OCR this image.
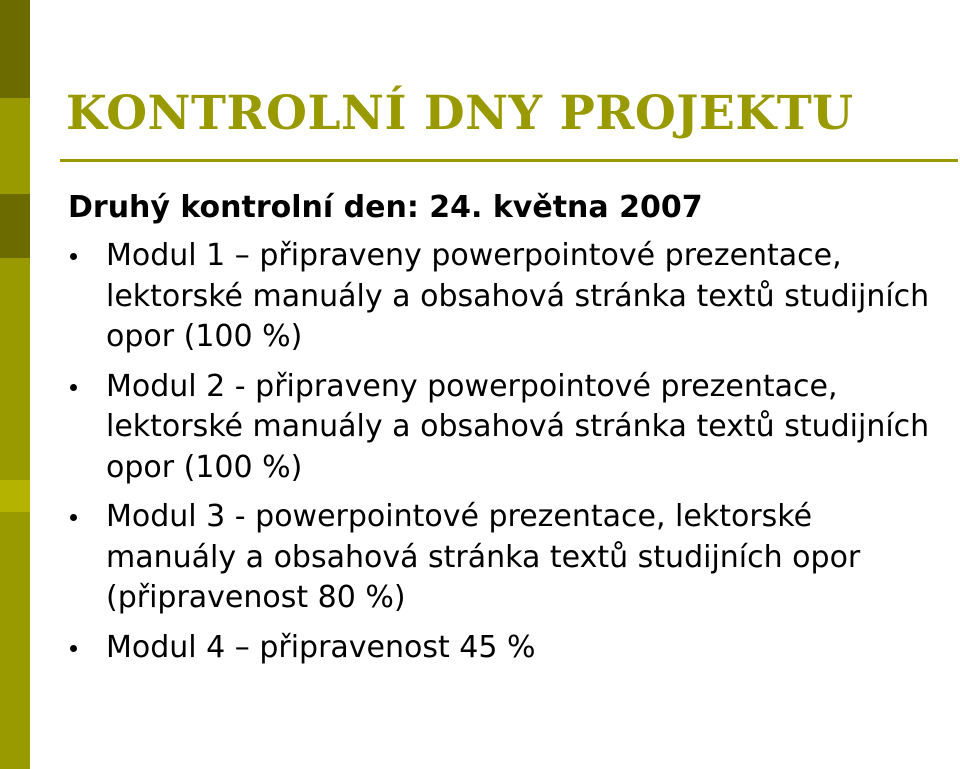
KONTROLNÍ DNY PROJEKTU

Druhý kontrolní den: 24. května 2007

Modul 1 – připraveny powerpointové prezentace, lektorské manuály a obsahová stránka textů studijních opor (100 %)
Modul 2 - připraveny powerpointové prezentace, lektorské manuály a obsahová stránka textů studijních opor (100 %)
Modul 3 - powerpointové prezentace, lektorské manuály a obsahová stránka textů studijních opor (připravenost 80 %)
Modul 4 – připravenost 45 %
